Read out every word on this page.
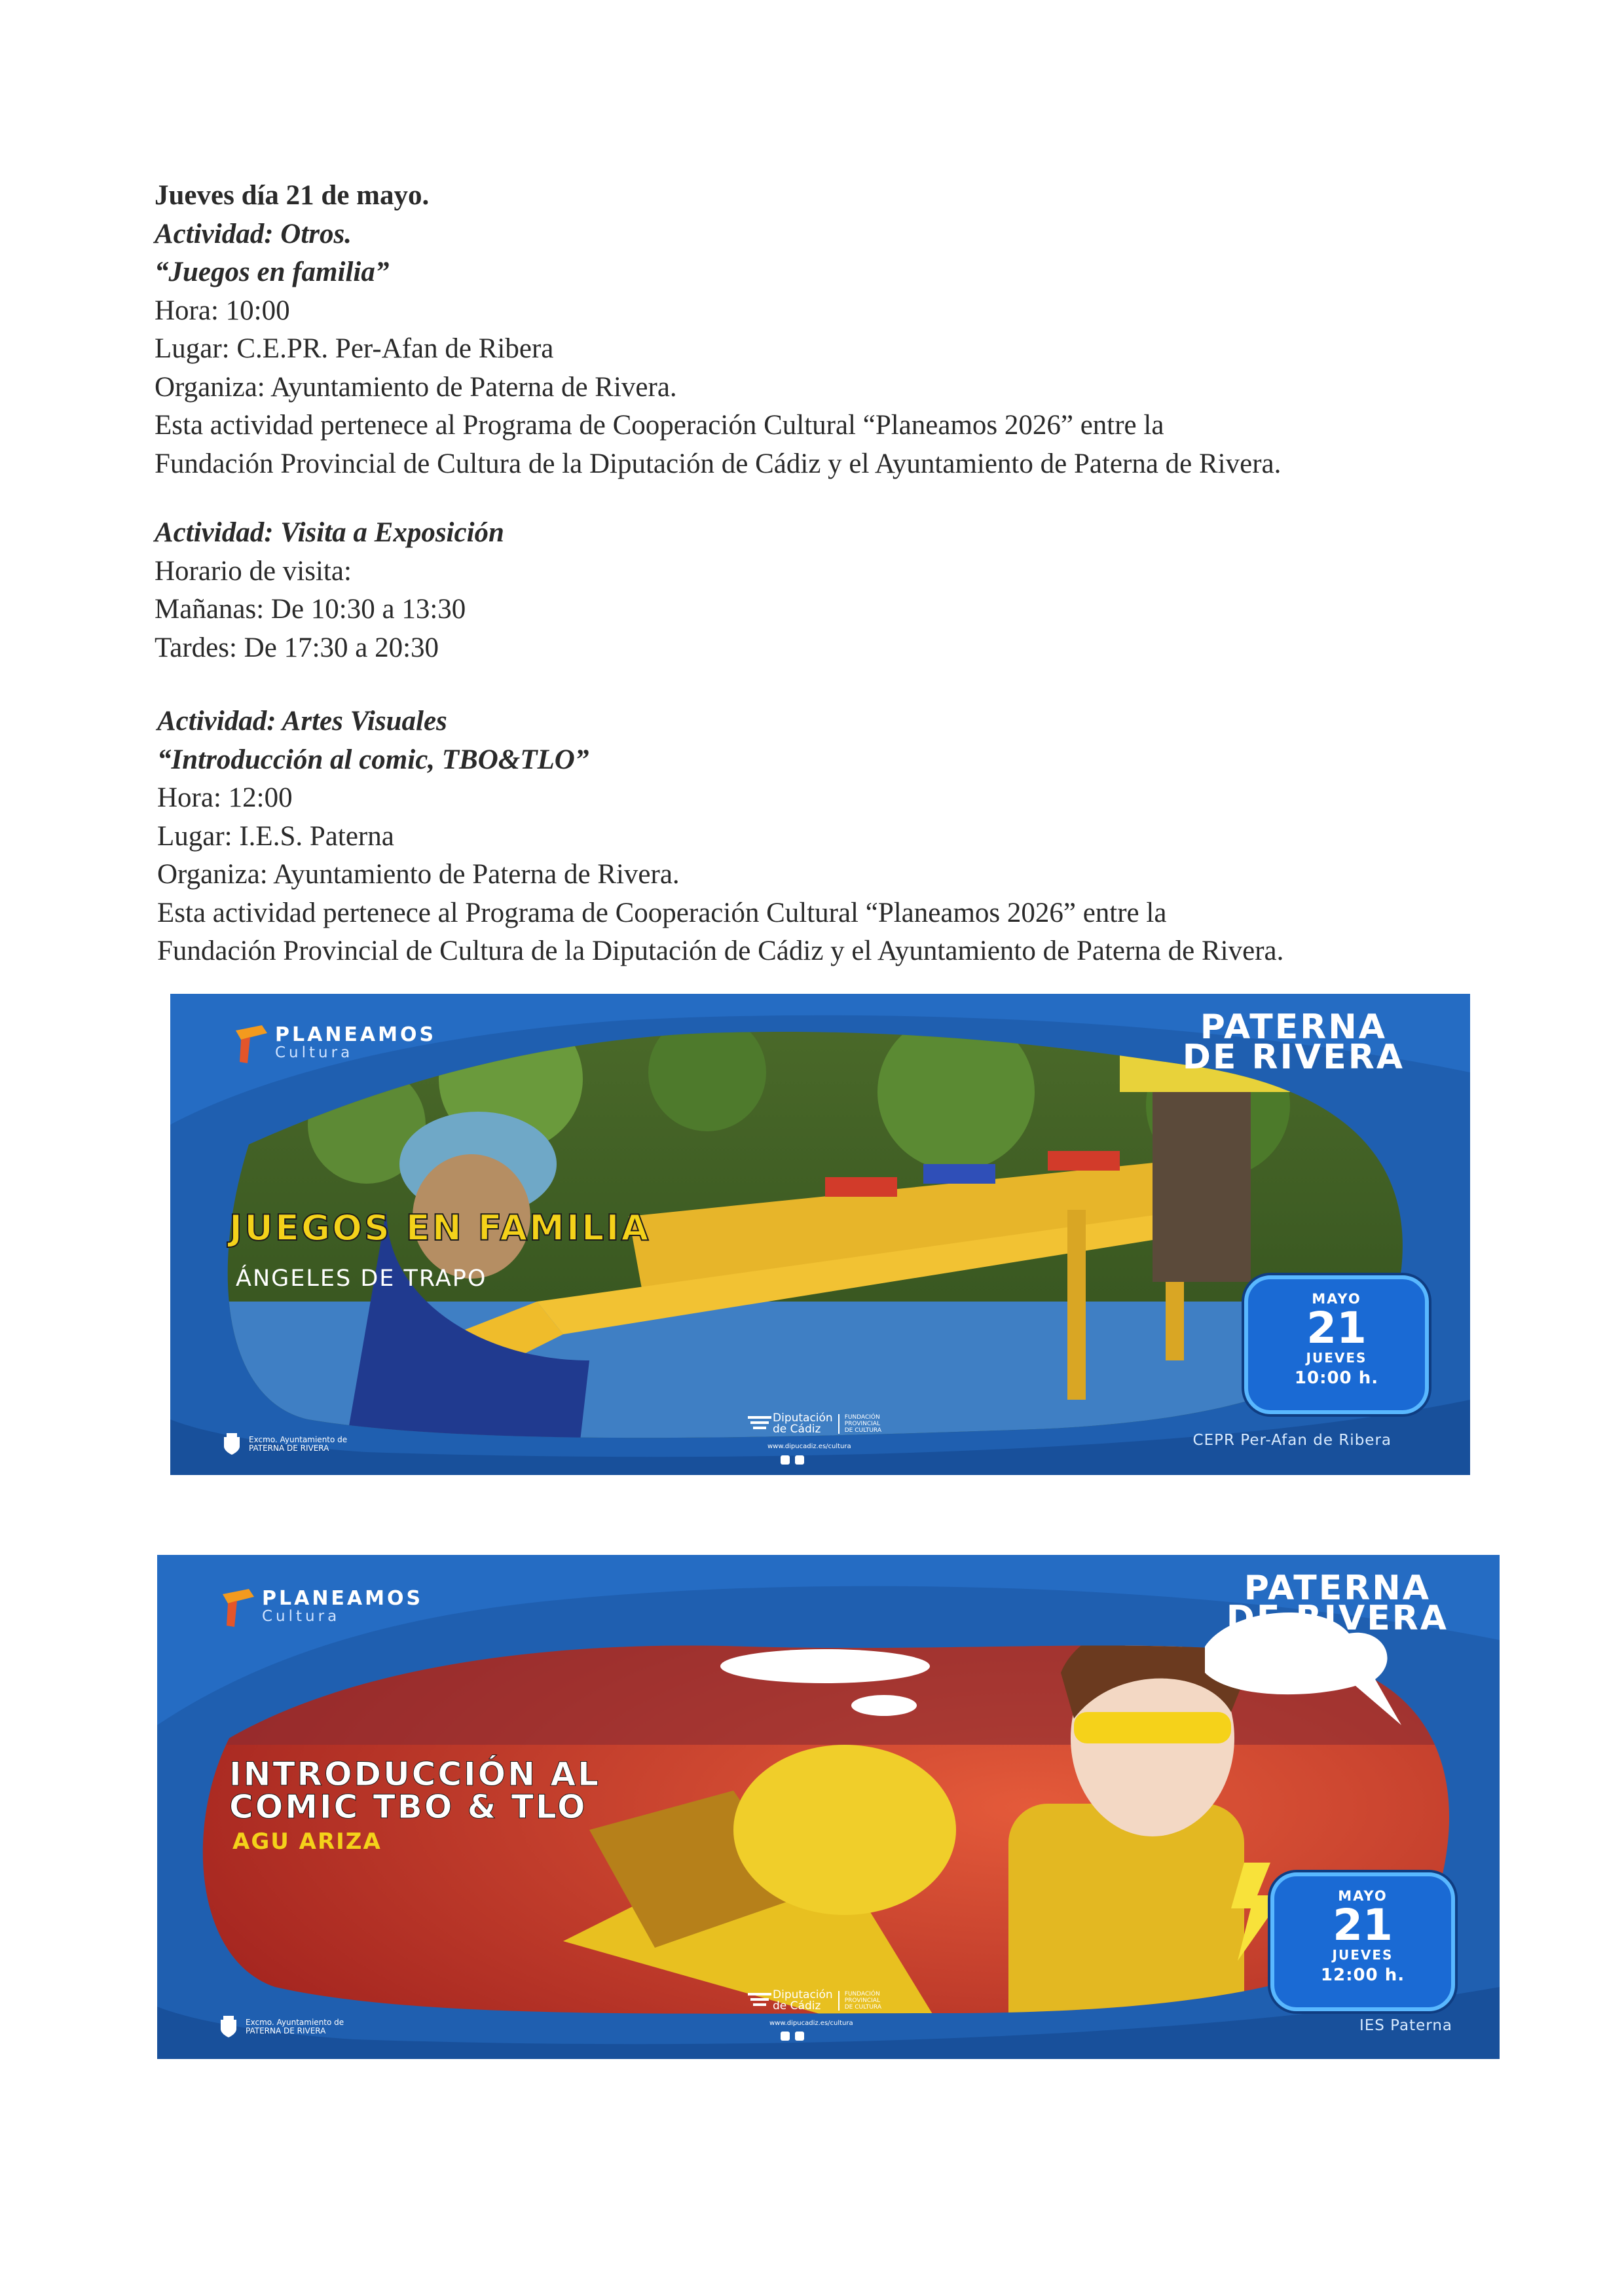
Jueves día 21 de mayo.
Actividad: Otros.
“Juegos en familia”
Hora: 10:00
Lugar: C.E.PR. Per-Afan de Ribera
Organiza: Ayuntamiento de Paterna de Rivera.
Esta actividad pertenece al Programa de Cooperación Cultural “Planeamos 2026” entre la
Fundación Provincial de Cultura de la Diputación de Cádiz y el Ayuntamiento de Paterna de Rivera.
Actividad: Visita a Exposición
Horario de visita:
Mañanas: De 10:30 a 13:30
Tardes: De 17:30 a 20:30
Actividad: Artes Visuales
“Introducción al comic, TBO&TLO”
Hora: 12:00
Lugar: I.E.S. Paterna
Organiza: Ayuntamiento de Paterna de Rivera.
Esta actividad pertenece al Programa de Cooperación Cultural “Planeamos 2026” entre la
Fundación Provincial de Cultura de la Diputación de Cádiz y el Ayuntamiento de Paterna de Rivera.
PLANEAMOS
Cultura
PATERNA
DE RIVERA
JUEGOS EN FAMILIA
ÁNGELES DE TRAPO
MAYO
21
JUEVES
10:00 h.
CEPR Per-Afan de Ribera
Excmo. Ayuntamiento de
PATERNA DE RIVERA
Diputación
de Cádiz
FUNDACIÓN
PROVINCIAL
DE CULTURA
www.dipucadiz.es/cultura
PLANEAMOS
Cultura
PATERNA
DE RIVERA
INTRODUCCIÓN AL
COMIC TBO & TLO
AGU ARIZA
MAYO
21
JUEVES
12:00 h.
IES Paterna
Excmo. Ayuntamiento de
PATERNA DE RIVERA
Diputación
de Cádiz
FUNDACIÓN
PROVINCIAL
DE CULTURA
www.dipucadiz.es/cultura
